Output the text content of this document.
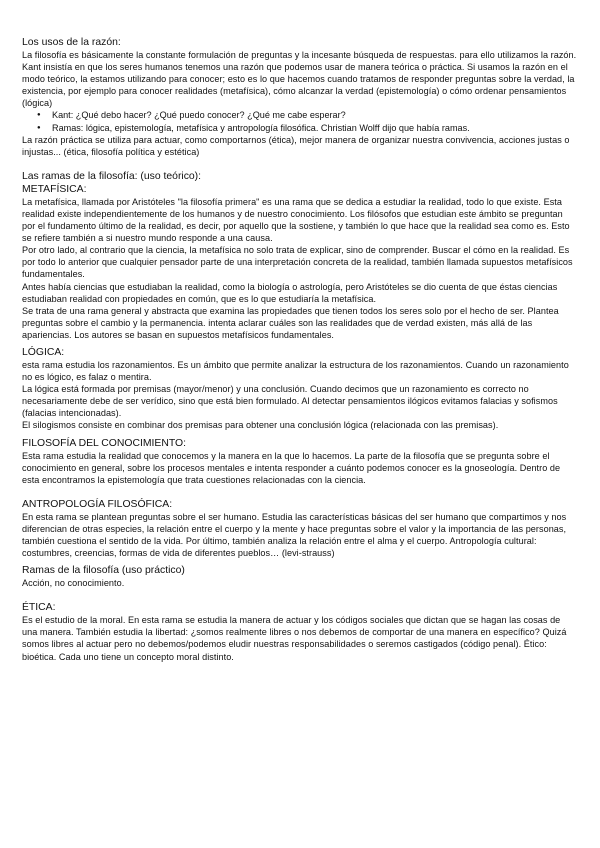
Los usos de la razón:

La filosofía es básicamente la constante formulación de preguntas y la incesante búsqueda de respuestas. para ello utilizamos la razón. Kant insistía en que los seres humanos tenemos una razón que podemos usar de manera teórica o práctica. Si usamos la razón en el modo teórico, la estamos utilizando para conocer; esto es lo que hacemos cuando tratamos de responder preguntas sobre la verdad, la existencia, por ejemplo para conocer realidades (metafísica), cómo alcanzar la verdad (epistemología) o cómo ordenar pensamientos (lógica)

● Kant: ¿Qué debo hacer? ¿Qué puedo conocer? ¿Qué me cabe esperar?
● Ramas: lógica, epistemología, metafísica y antropología filosófica. Christian Wolff dijo que había ramas.

La razón práctica se utiliza para actuar, como comportarnos (ética), mejor manera de organizar nuestra convivencia, acciones justas o injustas... (ética, filosofía política y estética)

Las ramas de la filosofía: (uso teórico):
METAFÍSICA:

La metafísica, llamada por Aristóteles "la filosofía primera" es una rama que se dedica a estudiar la realidad, todo lo que existe. Esta realidad existe independientemente de los humanos y de nuestro conocimiento. Los filósofos que estudian este ámbito se preguntan por el fundamento último de la realidad, es decir, por aquello que la sostiene, y también lo que hace que la realidad sea como es. Esto se refiere también a si nuestro mundo responde a una causa.

Por otro lado, al contrario que la ciencia, la metafísica no solo trata de explicar, sino de comprender. Buscar el cómo en la realidad. Es por todo lo anterior que cualquier pensador parte de una interpretación concreta de la realidad, también llamada supuestos metafísicos fundamentales.

Antes había ciencias que estudiaban la realidad, como la biología o astrología, pero Aristóteles se dio cuenta de que éstas ciencias estudiaban realidad con propiedades en común, que es lo que estudiaría la metafísica.

Se trata de una rama general y abstracta que examina las propiedades que tienen todos los seres solo por el hecho de ser. Plantea preguntas sobre el cambio y la permanencia. intenta aclarar cuáles son las realidades que de verdad existen, más allá de las apariencias. Los autores se basan en supuestos metafísicos fundamentales.

LÓGICA:

esta rama estudia los razonamientos. Es un ámbito que permite analizar la estructura de los razonamientos. Cuando un razonamiento no es lógico, es falaz o mentira.

La lógica está formada por premisas (mayor/menor) y una conclusión. Cuando decimos que un razonamiento es correcto no necesariamente debe de ser verídico, sino que está bien formulado. Al detectar pensamientos ilógicos evitamos falacias y sofismos (falacias intencionadas).

El silogismos consiste en combinar dos premisas para obtener una conclusión lógica (relacionada con las premisas).

FILOSOFÍA DEL CONOCIMIENTO:

Esta rama estudia la realidad que conocemos y la manera en la que lo hacemos. La parte de la filosofía que se pregunta sobre el conocimiento en general, sobre los procesos mentales e intenta responder a cuánto podemos conocer es la gnoseología. Dentro de esta encontramos la epistemología que trata cuestiones relacionadas con la ciencia.

ANTROPOLOGÍA FILOSÓFICA:

En esta rama se plantean preguntas sobre el ser humano. Estudia las características básicas del ser humano que compartimos y nos diferencian de otras especies, la relación entre el cuerpo y la mente y hace preguntas sobre el valor y la importancia de las personas, también cuestiona el sentido de la vida. Por último, también analiza la relación entre el alma y el cuerpo. Antropología cultural: costumbres, creencias, formas de vida de diferentes pueblos… (levi-strauss)

Ramas de la filosofía (uso práctico)

Acción, no conocimiento.

ÉTICA:

Es el estudio de la moral. En esta rama se estudia la manera de actuar y los códigos sociales que dictan que se hagan las cosas de una manera. También estudia la libertad: ¿somos realmente libres o nos debemos de comportar de una manera en específico? Quizá somos libres al actuar pero no debemos/podemos eludir nuestras responsabilidades o seremos castigados (código penal). Ético: bioética. Cada uno tiene un concepto moral distinto.
